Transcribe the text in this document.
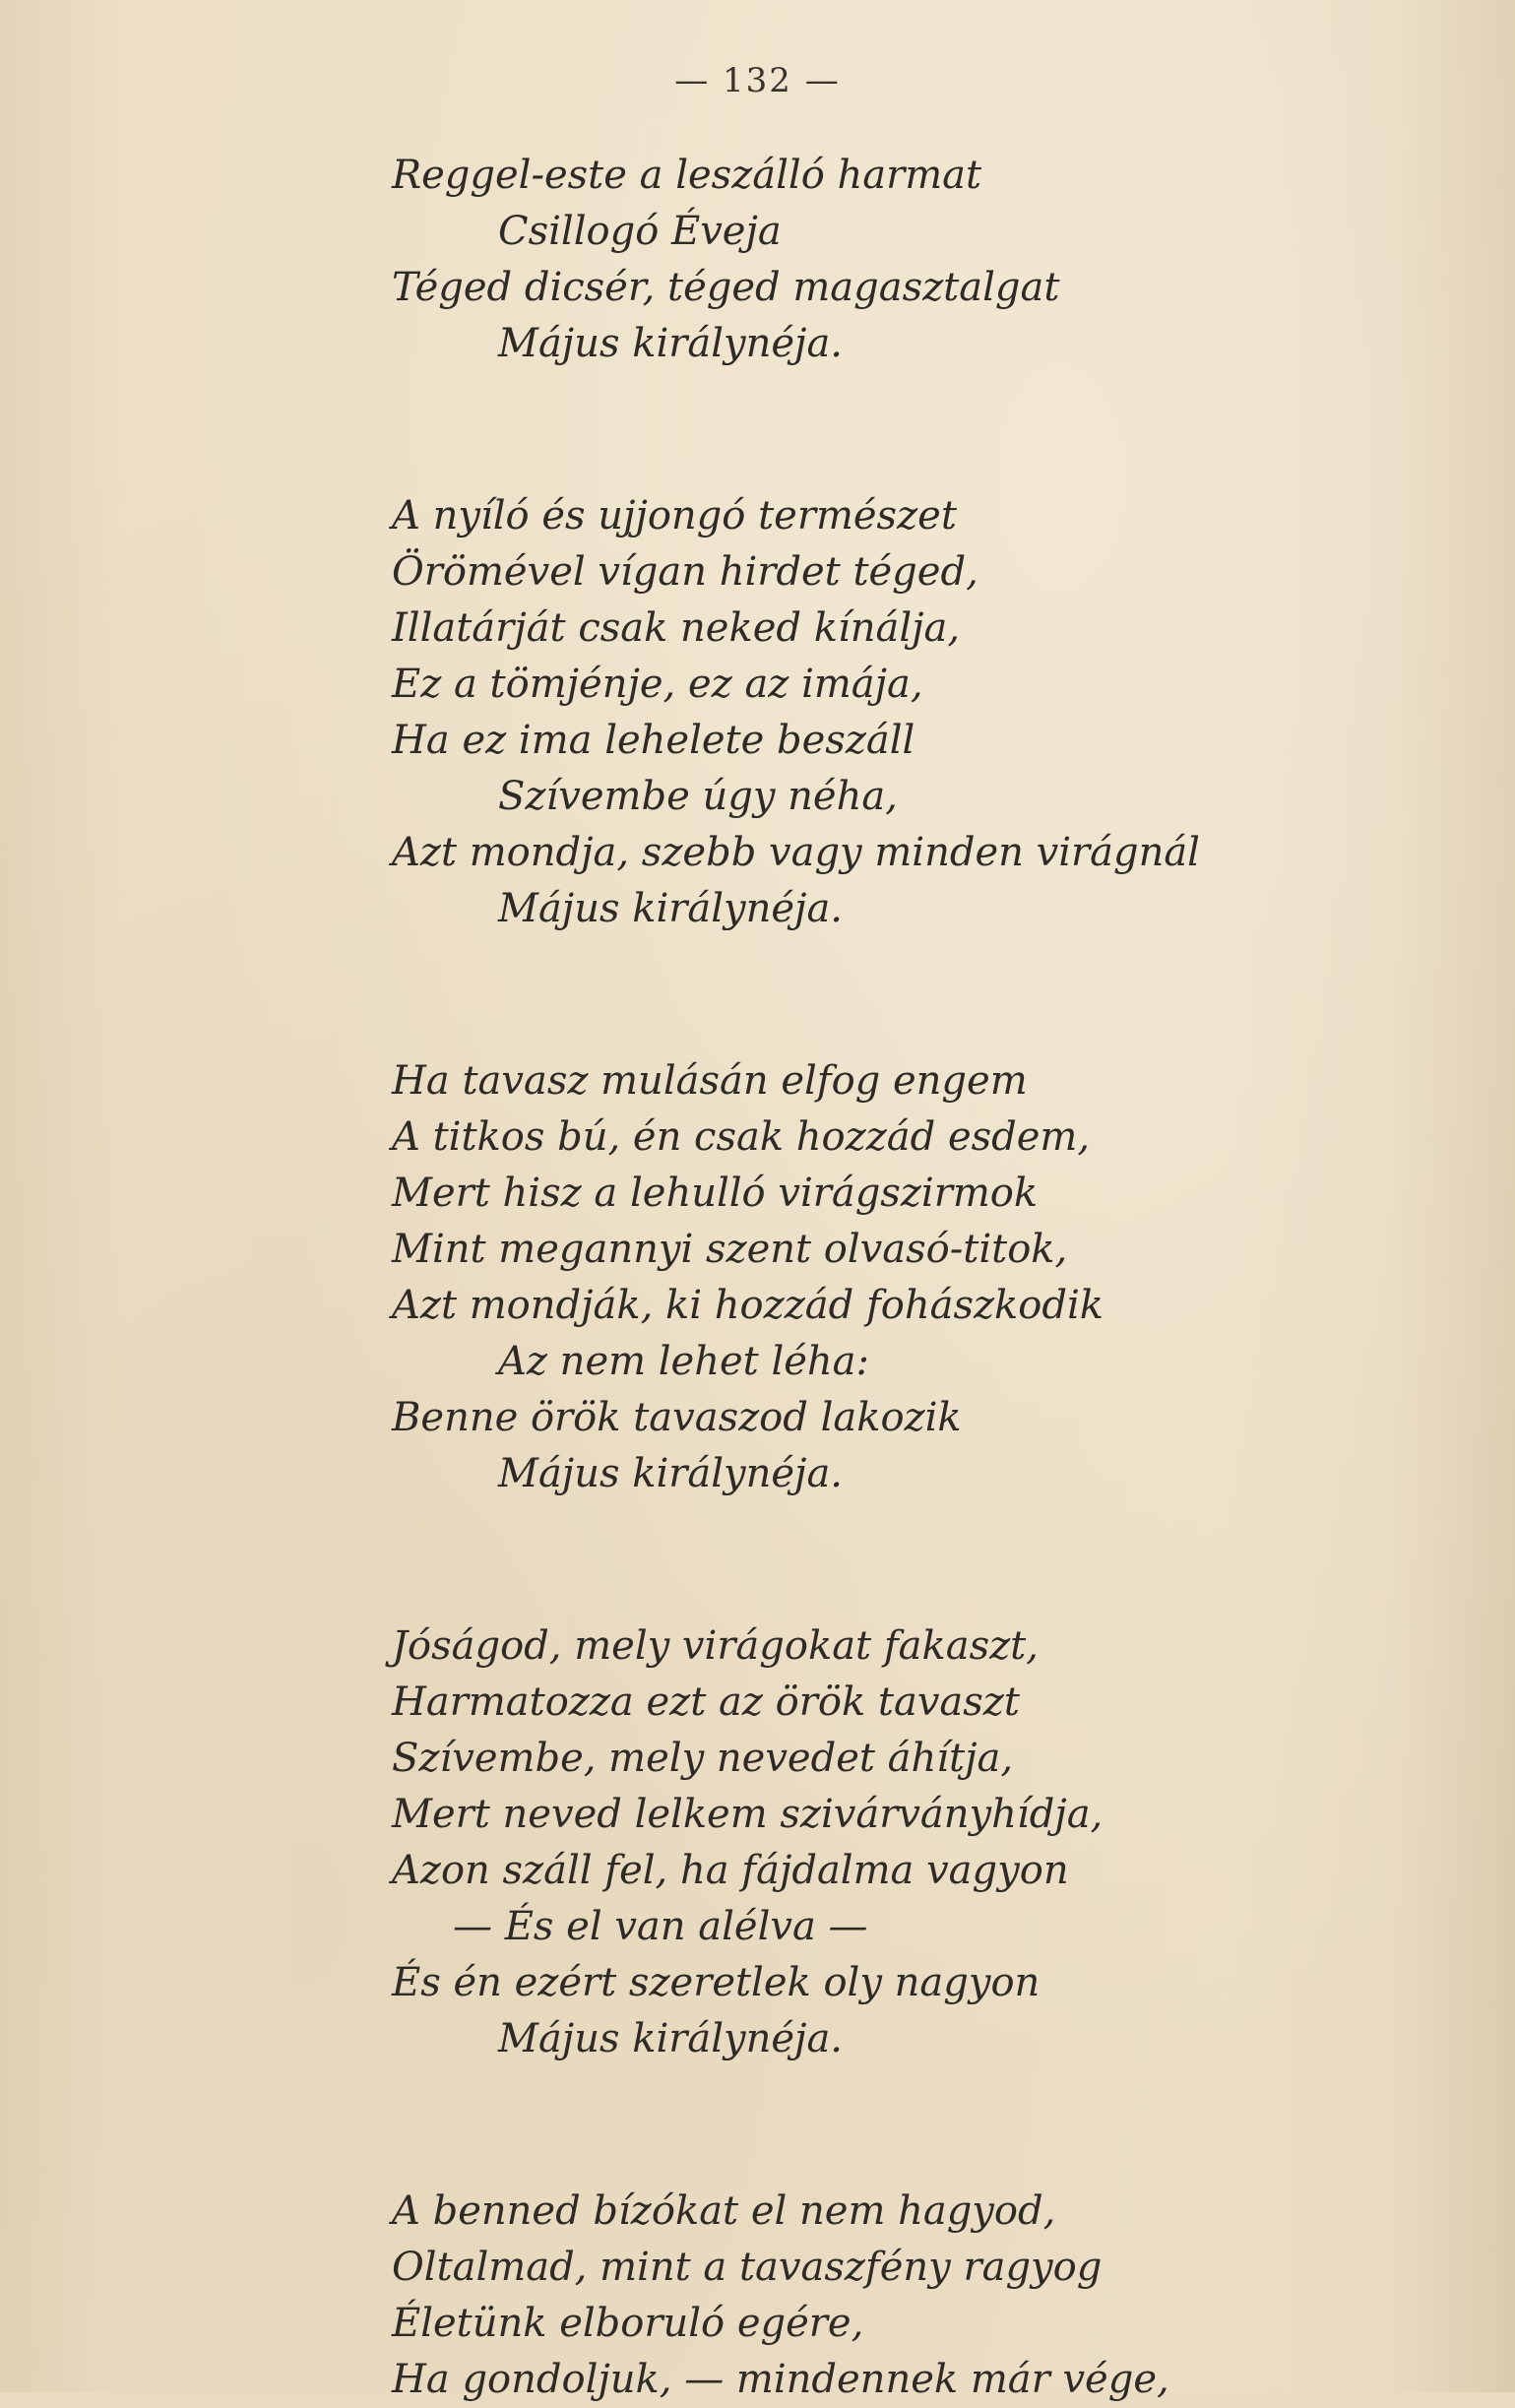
— 132 —
Reggel-este a leszálló harmat
Csillogó Éveja
Téged dicsér, téged magasztalgat
Május királynéja.
A nyíló és ujjongó természet
Örömével vígan hirdet téged,
Illatárját csak neked kínálja,
Ez a tömjénje, ez az imája,
Ha ez ima lehelete beszáll
Szívembe úgy néha,
Azt mondja, szebb vagy minden virágnál
Május királynéja.
Ha tavasz mulásán elfog engem
A titkos bú, én csak hozzád esdem,
Mert hisz a lehulló virágszirmok
Mint megannyi szent olvasó-titok,
Azt mondják, ki hozzád fohászkodik
Az nem lehet léha:
Benne örök tavaszod lakozik
Május királynéja.
Jóságod, mely virágokat fakaszt,
Harmatozza ezt az örök tavaszt
Szívembe, mely nevedet áhítja,
Mert neved lelkem szivárványhídja,
Azon száll fel, ha fájdalma vagyon
— És el van alélva —
És én ezért szeretlek oly nagyon
Május királynéja.
A benned bízókat el nem hagyod,
Oltalmad, mint a tavaszfény ragyog
Életünk elboruló egére,
Ha gondoljuk, — mindennek már vége,
